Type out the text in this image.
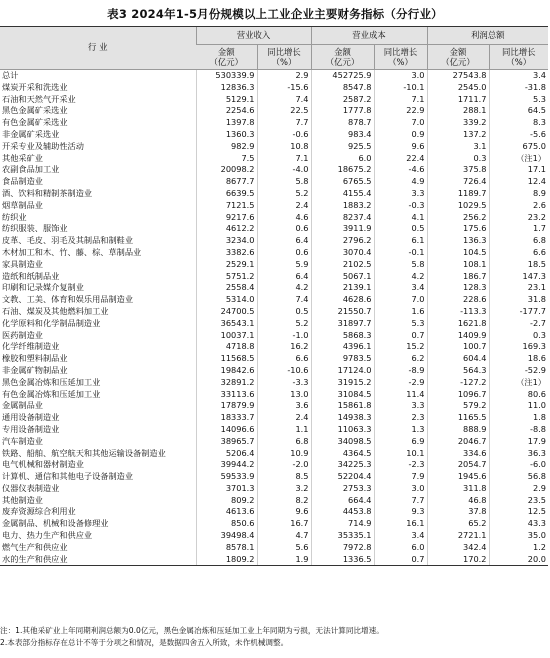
表3 2024年1-5月份规模以上工业企业主要财务指标（分行业）
行 业	营业收入		营业成本		利润总额	
	金额
（亿元）	同比增长
（%）	金额
（亿元）	同比增长
（%）	金额
（亿元）	同比增长
（%）
总计	530339.9	2.9	452725.9	3.0	27543.8	3.4
煤炭开采和洗选业	12836.3	-15.6	8547.8	-10.1	2545.0	-31.8
石油和天然气开采业	5129.1	7.4	2587.2	7.1	1711.7	5.3
黑色金属矿采选业	2254.6	22.5	1777.8	22.9	288.1	64.5
有色金属矿采选业	1397.8	7.7	878.7	7.0	339.2	8.3
非金属矿采选业	1360.3	-0.6	983.4	0.9	137.2	-5.6
开采专业及辅助性活动	982.9	10.8	925.5	9.6	3.1	675.0
其他采矿业	7.5	7.1	6.0	22.4	0.3	（注1）
农副食品加工业	20098.2	-4.0	18675.2	-4.6	375.8	17.1
食品制造业	8677.7	5.8	6765.5	4.9	726.4	12.4
酒、饮料和精制茶制造业	6639.5	5.2	4155.4	3.3	1189.7	8.9
烟草制品业	7121.5	2.4	1883.2	-0.3	1029.5	2.6
纺织业	9217.6	4.6	8237.4	4.1	256.2	23.2
纺织服装、服饰业	4612.2	0.6	3911.9	0.5	175.6	1.7
皮革、毛皮、羽毛及其制品和制鞋业	3234.0	6.4	2796.2	6.1	136.3	6.8
木材加工和木、竹、藤、棕、草制品业	3382.6	0.6	3070.4	-0.1	104.5	6.6
家具制造业	2529.1	5.9	2102.5	5.8	108.1	18.5
造纸和纸制品业	5751.2	6.4	5067.1	4.2	186.7	147.3
印刷和记录媒介复制业	2558.4	4.2	2139.1	3.4	128.3	23.1
文教、工美、体育和娱乐用品制造业	5314.0	7.4	4628.6	7.0	228.6	31.8
石油、煤炭及其他燃料加工业	24700.5	0.5	21550.7	1.6	-113.3	-177.7
化学原料和化学制品制造业	36543.1	5.2	31897.7	5.3	1621.8	-2.7
医药制造业	10037.1	-1.0	5868.3	0.7	1409.9	0.3
化学纤维制造业	4718.8	16.2	4396.1	15.2	100.7	169.3
橡胶和塑料制品业	11568.5	6.6	9783.5	6.2	604.4	18.6
非金属矿物制品业	19842.6	-10.6	17124.0	-8.9	564.3	-52.9
黑色金属冶炼和压延加工业	32891.2	-3.3	31915.2	-2.9	-127.2	（注1）
有色金属冶炼和压延加工业	33113.6	13.0	31084.5	11.4	1096.7	80.6
金属制品业	17879.9	3.6	15861.8	3.3	579.2	11.0
通用设备制造业	18333.7	2.4	14938.3	2.3	1165.5	1.8
专用设备制造业	14096.6	1.1	11063.3	1.3	888.9	-8.8
汽车制造业	38965.7	6.8	34098.5	6.9	2046.7	17.9
铁路、船舶、航空航天和其他运输设备制造业	5206.4	10.9	4364.5	10.1	334.6	36.3
电气机械和器材制造业	39944.2	-2.0	34225.3	-2.3	2054.7	-6.0
计算机、通信和其他电子设备制造业	59533.9	8.5	52204.4	7.9	1945.6	56.8
仪器仪表制造业	3701.3	3.2	2753.3	3.0	311.8	2.9
其他制造业	809.2	8.2	664.4	7.7	46.8	23.5
废弃资源综合利用业	4613.6	9.6	4453.8	9.3	37.8	12.5
金属制品、机械和设备修理业	850.6	16.7	714.9	16.1	65.2	43.3
电力、热力生产和供应业	39498.4	4.7	35335.1	3.4	2721.1	35.0
燃气生产和供应业	8578.1	5.6	7972.8	6.0	342.4	1.2
水的生产和供应业	1809.2	1.9	1336.5	0.7	170.2	20.0
注：1.其他采矿业上年同期利润总额为0.0亿元，黑色金属冶炼和压延加工业上年同期为亏损，无法计算同比增速。
2.本表部分指标存在总计不等于分项之和情况，是数据四舍五入所致，未作机械调整。
